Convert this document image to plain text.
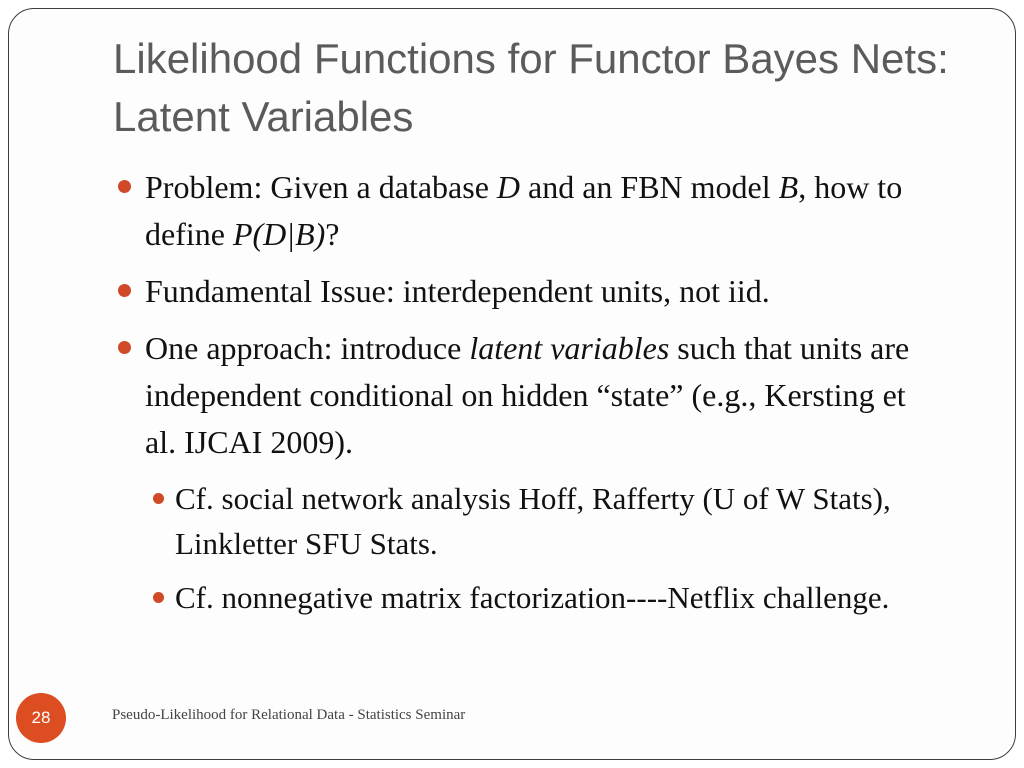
Likelihood Functions for Functor Bayes Nets: Latent Variables
Problem: Given a database D and an FBN model B, how to define P(D|B)?
Fundamental Issue: interdependent units, not iid.
One approach: introduce latent variables such that units are independent conditional on hidden “state” (e.g., Kersting et al. IJCAI 2009).
Cf. social network analysis Hoff, Rafferty (U of W Stats), Linkletter SFU Stats.
Cf. nonnegative matrix factorization----Netflix challenge.
28	Pseudo-Likelihood for Relational Data - Statistics Seminar
